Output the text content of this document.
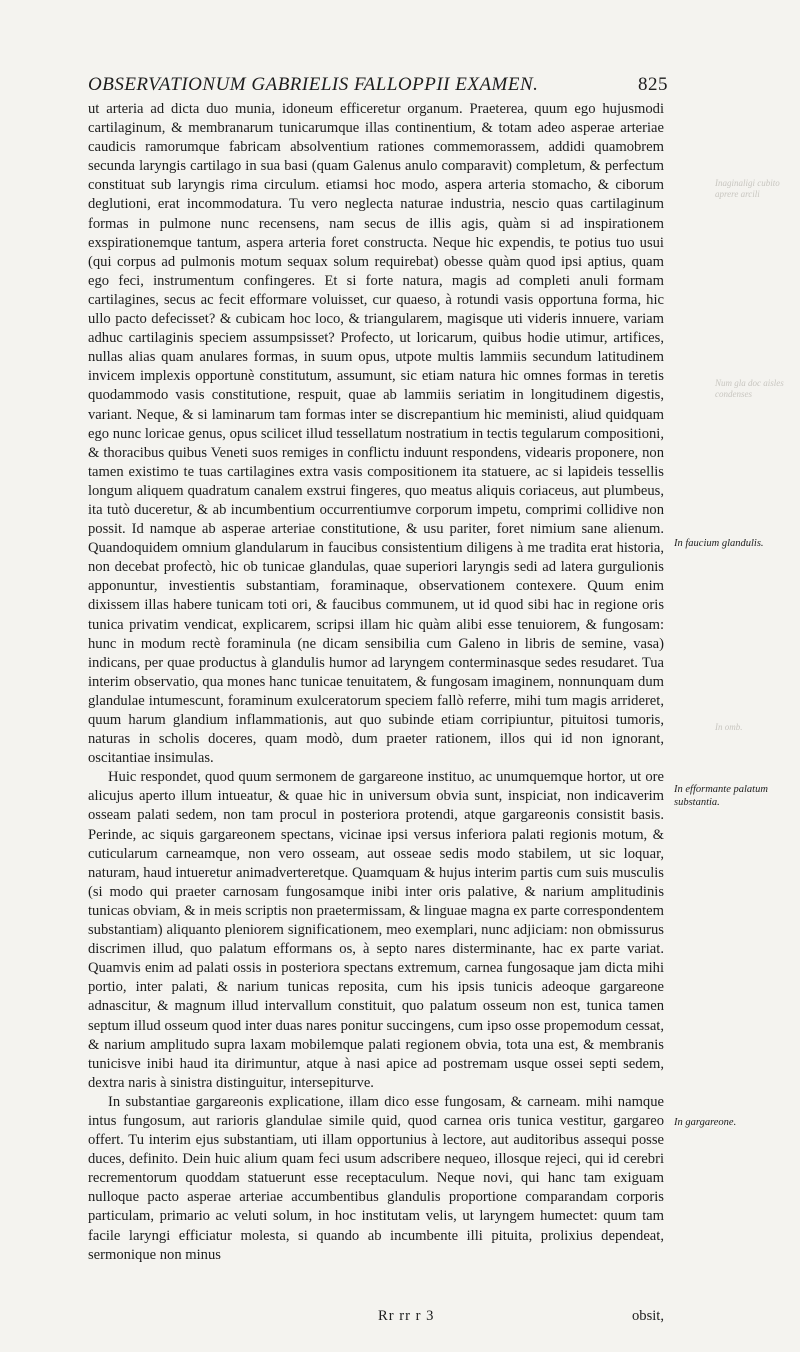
OBSERVATIONUM GABRIELIS FALLOPPII EXAMEN.	825

ut arteria ad dicta duo munia, idoneum efficeretur organum. Praeterea, quum ego hujusmodi cartilaginum, & membranarum tunicarumque illas continentium, & totam adeo asperae arteriae caudicis ramorumque fabricam absolventium rationes commemorassem, addidi quamobrem secunda laryngis cartilago in sua basi (quam Galenus anulo comparavit) completum, & perfectum constituat sub laryngis rima circulum. etiamsi hoc modo, aspera arteria stomacho, & ciborum deglutioni, erat incommodatura. Tu vero neglecta naturae industria, nescio quas cartilaginum formas in pulmone nunc recensens, nam secus de illis agis, quàm si ad inspirationem exspirationemque tantum, aspera arteria foret constructa. Neque hic expendis, te potius tuo usui (qui corpus ad pulmonis motum sequax solum requirebat) obesse quàm quod ipsi aptius, quam ego feci, instrumentum confingeres. Et si forte natura, magis ad completi anuli formam cartilagines, secus ac fecit efformare voluisset, cur quaeso, à rotundi vasis opportuna forma, hic ullo pacto defecisset? & cubicam hoc loco, & triangularem, magisque uti videris innuere, variam adhuc cartilaginis speciem assumpsisset? Profecto, ut loricarum, quibus hodie utimur, artifices, nullas alias quam anulares formas, in suum opus, utpote multis lammiis secundum latitudinem invicem implexis opportunè constitutum, assumunt, sic etiam natura hic omnes formas in teretis quodammodo vasis constitutione, respuit, quae ab lammiis seriatim in longitudinem digestis, variant. Neque, & si laminarum tam formas inter se discrepantium hic meministi, aliud quidquam ego nunc loricae genus, opus scilicet illud tessellatum nostratium in tectis tegularum compositioni, & thoracibus quibus Veneti suos remiges in conflictu induunt respondens, videaris proponere, non tamen existimo te tuas cartilagines extra vasis compositionem ita statuere, ac si lapideis tessellis longum aliquem quadratum canalem exstrui fingeres, quo meatus aliquis coriaceus, aut plumbeus, ita tutò duceretur, & ab incumbentium occurrentiumve corporum impetu, comprimi collidive non possit. Id namque ab asperae arteriae constitutione, & usu pariter, foret nimium sane alienum. Quandoquidem omnium glandularum in faucibus consistentium diligens à me tradita erat historia, non decebat profectò, hic ob tunicae glandulas, quae superiori laryngis sedi ad latera gurgulionis apponuntur, investientis substantiam, foraminaque, observationem contexere. Quum enim dixissem illas habere tunicam toti ori, & faucibus communem, ut id quod sibi hac in regione oris tunica privatim vendicat, explicarem, scripsi illam hic quàm alibi esse tenuiorem, & fungosam: hunc in modum rectè foraminula (ne dicam sensibilia cum Galeno in libris de semine, vasa) indicans, per quae productus à glandulis humor ad laryngem conterminasque sedes resudaret. Tua interim observatio, qua mones hanc tunicae tenuitatem, & fungosam imaginem, nonnunquam dum glandulae intumescunt, foraminum exulceratorum speciem fallò referre, mihi tum magis arrideret, quum harum glandium inflammationis, aut quo subinde etiam corripiuntur, pituitosi tumoris, naturas in scholis doceres, quam modò, dum praeter rationem, illos qui id non ignorant, oscitantiae insimulas.

Huic respondet, quod quum sermonem de gargareone instituo, ac unumquemque hortor, ut ore alicujus aperto illum intueatur, & quae hic in universum obvia sunt, inspiciat, non indicaverim osseam palati sedem, non tam procul in posteriora protendi, atque gargareonis consistit basis. Perinde, ac siquis gargareonem spectans, vicinae ipsi versus inferiora palati regionis motum, & cuticularum carneamque, non vero osseam, aut osseae sedis modo stabilem, ut sic loquar, naturam, haud intueretur animadverteretque. Quamquam & hujus interim partis cum suis musculis (si modo qui praeter carnosam fungosamque inibi inter oris palative, & narium amplitudinis tunicas obviam, & in meis scriptis non praetermissam, & linguae magna ex parte correspondentem substantiam) aliquanto pleniorem significationem, meo exemplari, nunc adjiciam: non obmissurus discrimen illud, quo palatum efformans os, à septo nares disterminante, hac ex parte variat. Quamvis enim ad palati ossis in posteriora spectans extremum, carnea fungosaque jam dicta mihi portio, inter palati, & narium tunicas reposita, cum his ipsis tunicis adeoque gargareone adnascitur, & magnum illud intervallum constituit, quo palatum osseum non est, tunica tamen septum illud osseum quod inter duas nares ponitur succingens, cum ipso osse propemodum cessat, & narium amplitudo supra laxam mobilemque palati regionem obvia, tota una est, & membranis tunicisve inibi haud ita dirimuntur, atque à nasi apice ad postremam usque ossei septi sedem, dextra naris à sinistra distinguitur, intersepiturve.

In substantiae gargareonis explicatione, illam dico esse fungosam, & carneam. mihi namque intus fungosum, aut rarioris glandulae simile quid, quod carnea oris tunica vestitur, gargareo offert. Tu interim ejus substantiam, uti illam opportunius à lectore, aut auditoribus assequi posse duces, definito. Dein huic alium quam feci usum adscribere nequeo, illosque rejeci, qui id cerebri recrementorum quoddam statuerunt esse receptaculum. Neque novi, qui hanc tam exiguam nulloque pacto asperae arteriae accumbentibus glandulis proportione comparandam corporis particulam, primario ac veluti solum, in hoc institutam velis, ut laryngem humectet: quum tam facile laryngi efficiatur molesta, si quando ab incumbente illi pituita, prolixius dependeat, sermonique non minus

In faucium glandulis.
In efformante palatum substantia.
In gargareone.
Inaginaligi cubito aprere arcili
Num gla doc aisles condenses
In omb.
Rr rr r 3	obsit,
